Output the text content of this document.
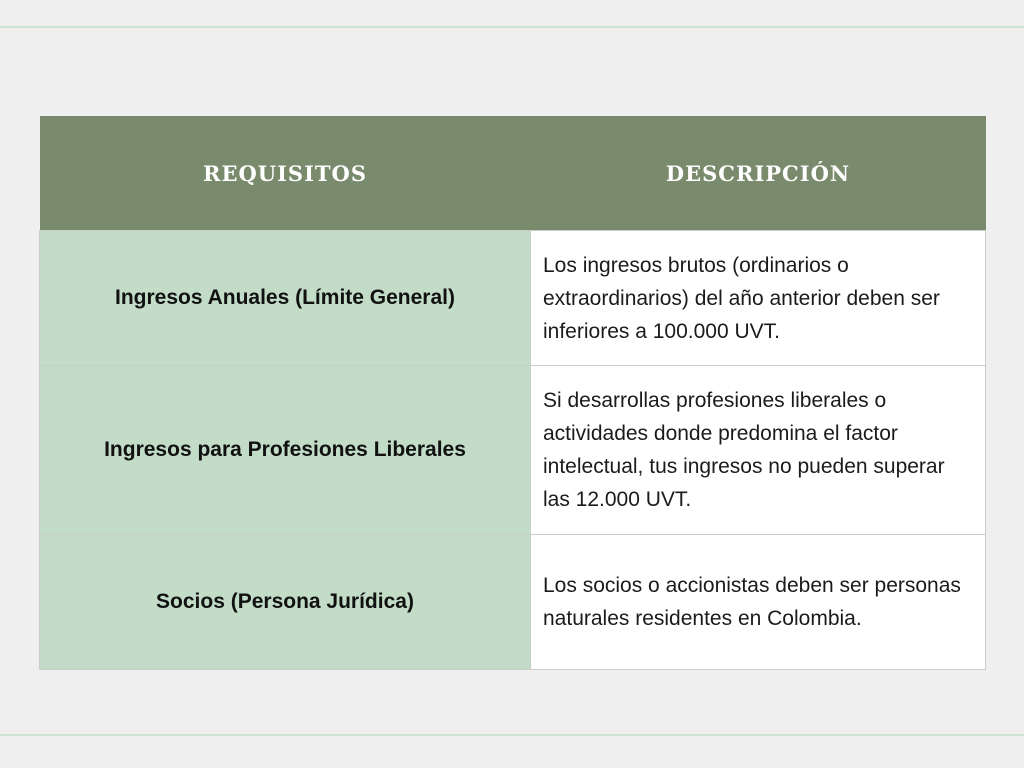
REQUISITOS	DESCRIPCIÓN
Ingresos Anuales (Límite General)	Los ingresos brutos (ordinarios o extraordinarios) del año anterior deben ser inferiores a 100.000 UVT.
Ingresos para Profesiones Liberales	Si desarrollas profesiones liberales o actividades donde predomina el factor intelectual, tus ingresos no pueden superar las 12.000 UVT.
Socios (Persona Jurídica)	Los socios o accionistas deben ser personas naturales residentes en Colombia.
